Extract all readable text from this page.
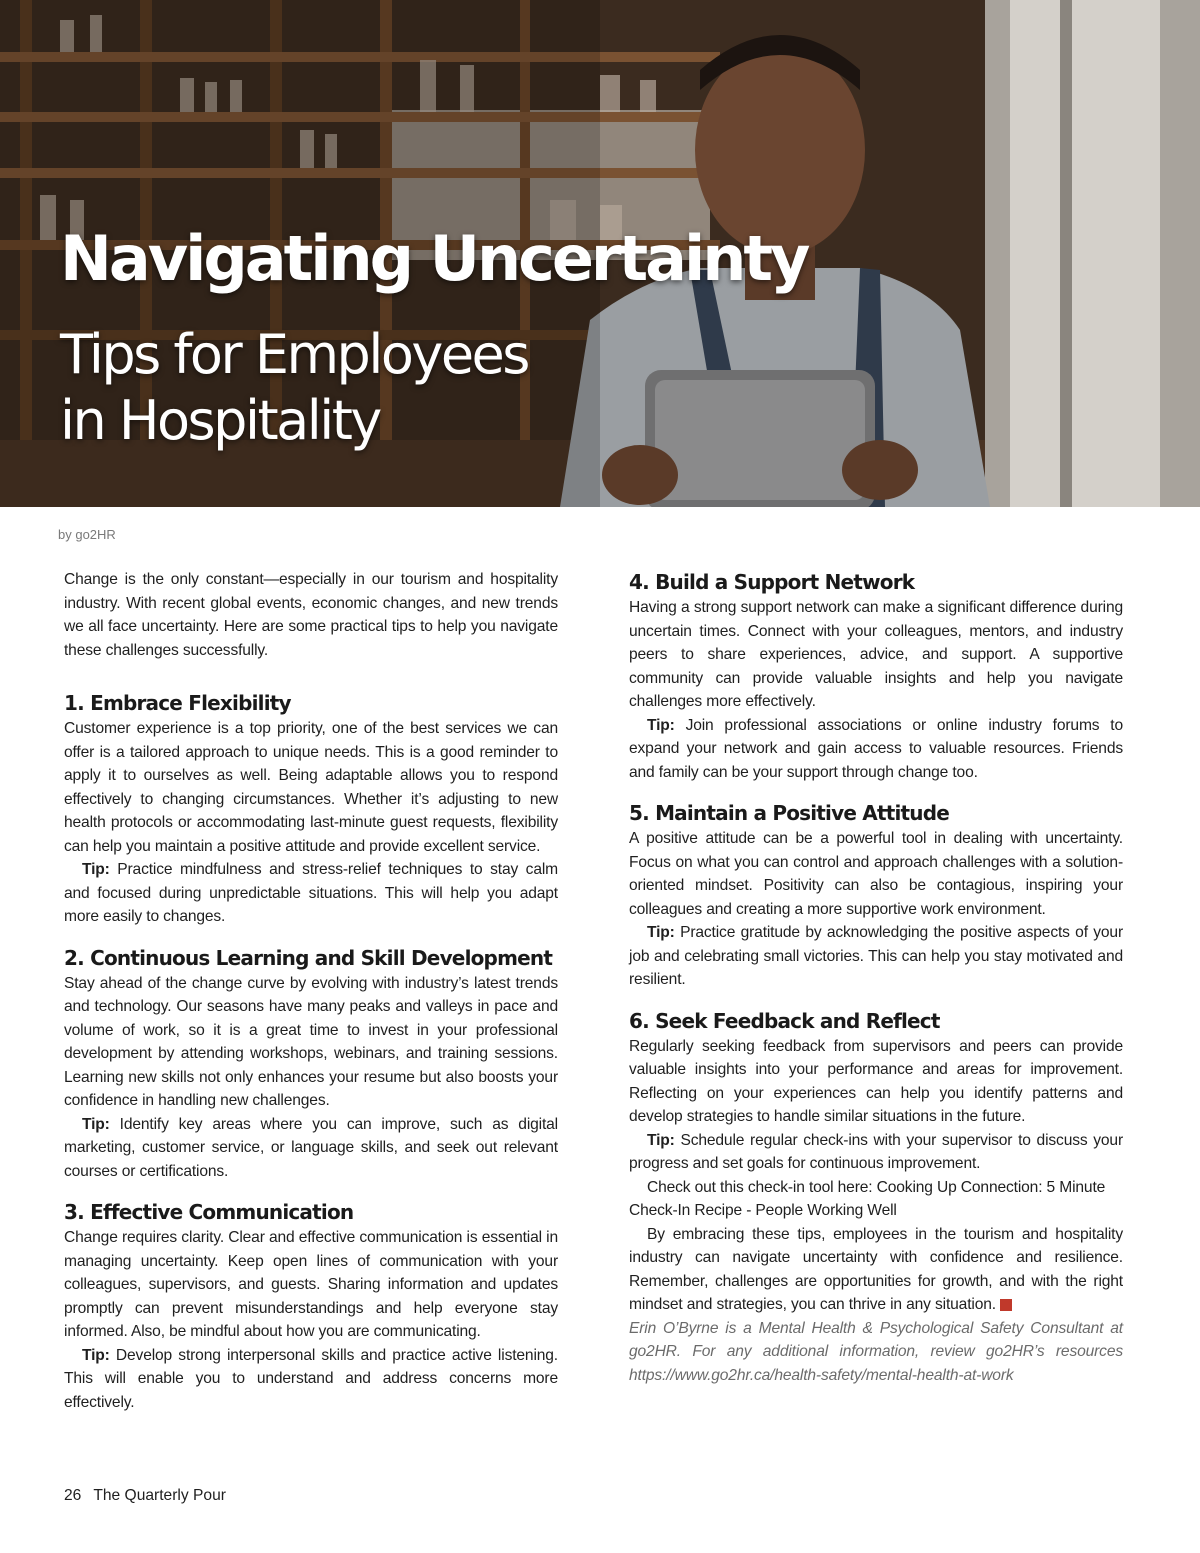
Navigating Uncertainty
Tips for Employees
in Hospitality
by go2HR

Change is the only constant—especially in our tourism and hospitality industry. With recent global events, economic changes, and new trends we all face uncertainty. Here are some practical tips to help you navigate these challenges successfully.

1. Embrace Flexibility

Customer experience is a top priority, one of the best services we can offer is a tailored approach to unique needs. This is a good reminder to apply it to ourselves as well. Being adaptable allows you to respond effectively to changing circumstances. Whether it’s adjusting to new health protocols or accommodating last-minute guest requests, flexibility can help you maintain a positive attitude and provide excellent service.

Tip: Practice mindfulness and stress-relief techniques to stay calm and focused during unpredictable situations. This will help you adapt more easily to changes.

2. Continuous Learning and Skill Development

Stay ahead of the change curve by evolving with industry’s latest trends and technology. Our seasons have many peaks and valleys in pace and volume of work, so it is a great time to invest in your professional development by attending workshops, webinars, and training sessions. Learning new skills not only enhances your resume but also boosts your confidence in handling new challenges.

Tip: Identify key areas where you can improve, such as digital marketing, customer service, or language skills, and seek out relevant courses or certifications.

3. Effective Communication

Change requires clarity. Clear and effective communication is essential in managing uncertainty. Keep open lines of communication with your colleagues, supervisors, and guests. Sharing information and updates promptly can prevent misunderstandings and help everyone stay informed. Also, be mindful about how you are communicating.

Tip: Develop strong interpersonal skills and practice active listening. This will enable you to understand and address concerns more effectively.

4. Build a Support Network

Having a strong support network can make a significant difference during uncertain times. Connect with your colleagues, mentors, and industry peers to share experiences, advice, and support. A supportive community can provide valuable insights and help you navigate challenges more effectively.

Tip: Join professional associations or online industry forums to expand your network and gain access to valuable resources. Friends and family can be your support through change too.

5. Maintain a Positive Attitude

A positive attitude can be a powerful tool in dealing with uncertainty. Focus on what you can control and approach challenges with a solution-oriented mindset. Positivity can also be contagious, inspiring your colleagues and creating a more supportive work environment.

Tip: Practice gratitude by acknowledging the positive aspects of your job and celebrating small victories. This can help you stay motivated and resilient.

6. Seek Feedback and Reflect

Regularly seeking feedback from supervisors and peers can provide valuable insights into your performance and areas for improvement. Reflecting on your experiences can help you identify patterns and develop strategies to handle similar situations in the future.

Tip: Schedule regular check-ins with your supervisor to discuss your progress and set goals for continuous improvement.

Check out this check-in tool here: Cooking Up Connection: 5 Minute Check-In Recipe - People Working Well

By embracing these tips, employees in the tourism and hospitality industry can navigate uncertainty with confidence and resilience. Remember, challenges are opportunities for growth, and with the right mindset and strategies, you can thrive in any situation. P

Erin O’Byrne is a Mental Health & Psychological Safety Consultant at go2HR. For any additional information, review go2HR’s resources https://www.go2hr.ca/health-safety/mental-health-at-work

26 The Quarterly Pour
